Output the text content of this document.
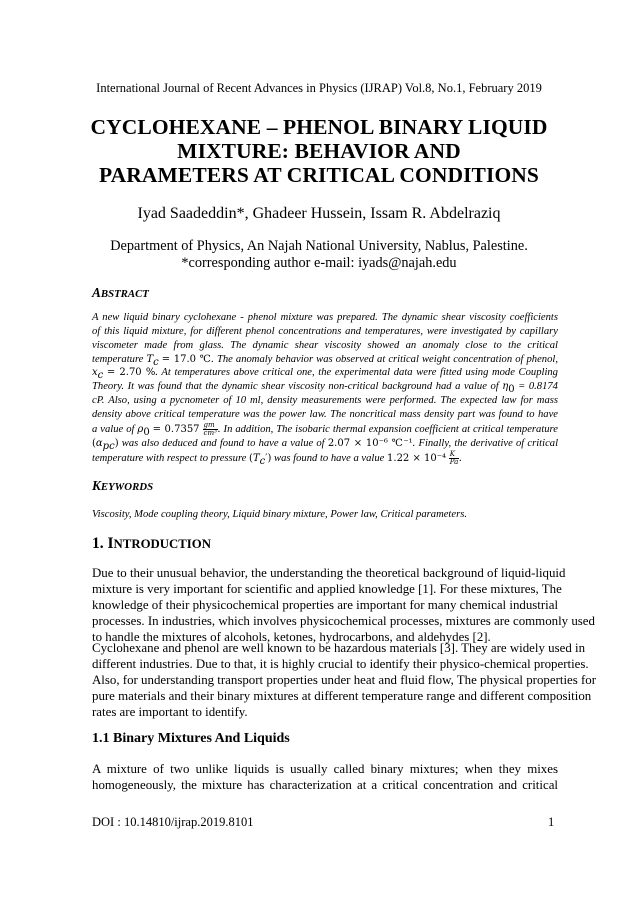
International Journal of Recent Advances in Physics (IJRAP) Vol.8, No.1, February 2019
CYCLOHEXANE – PHENOL BINARY LIQUID
MIXTURE: BEHAVIOR AND
PARAMETERS AT CRITICAL CONDITIONS
Iyad Saadeddin*, Ghadeer Hussein, Issam R. Abdelraziq
Department of Physics, An Najah National University, Nablus, Palestine.
*corresponding author e-mail: iyads@najah.edu
ABSTRACT
A new liquid binary cyclohexane - phenol mixture was prepared. The dynamic shear viscosity coefficients
of this liquid mixture, for different phenol concentrations and temperatures, were investigated by capillary
viscometer made from glass. The dynamic shear viscosity showed an anomaly close to the critical
temperature $T_c = 17.0$ ℃. The anomaly behavior was observed at critical weight concentration of phenol,
$x_c = 2.70$ %. At temperatures above critical one, the experimental data were fitted using mode Coupling
Theory. It was found that the dynamic shear viscosity non-critical background had a value of $\eta_0 = 0.8174$
cP. Also, using a pycnometer of 10 ml, density measurements were performed. The expected law for mass
density above critical temperature was the power law. The noncritical mass density part was found to have
a value of $\rho_0 = 0.7357 \frac{gm}{\text{cm³}}$ . In addition, The isobaric thermal expansion coefficient at critical temperature
$(\alpha_{pc})$ was also deduced and found to have a value of 2.07 × 10⁻⁶ ℃⁻¹. Finally, the derivative of critical
temperature with respect to pressure $(T_c')$ was found to have a value $1.22 \times 10^{-4} \frac{K}{Pa}$ .
KEYWORDS
Viscosity, Mode coupling theory, Liquid binary mixture, Power law, Critical parameters.
1. INTRODUCTION
Due to their unusual behavior, the understanding the theoretical background of liquid-liquid
mixture is very important for scientific and applied knowledge [1]. For these mixtures, The
knowledge of their physicochemical properties are important for many chemical industrial
processes. In industries, which involves physicochemical processes, mixtures are commonly used
to handle the mixtures of alcohols, ketones, hydrocarbons, and aldehydes [2].
Cyclohexane and phenol are well known to be hazardous materials [3]. They are widely used in
different industries. Due to that, it is highly crucial to identify their physico-chemical properties.
Also, for understanding transport properties under heat and fluid flow, The physical properties for
pure materials and their binary mixtures at different temperature range and different composition
rates are important to identify.
1.1 Binary Mixtures And Liquids
A mixture of two unlike liquids is usually called binary mixtures; when they mixes
homogeneously, the mixture has characterization at a critical concentration and critical
DOI : 10.14810/ijrap.2019.8101	1
